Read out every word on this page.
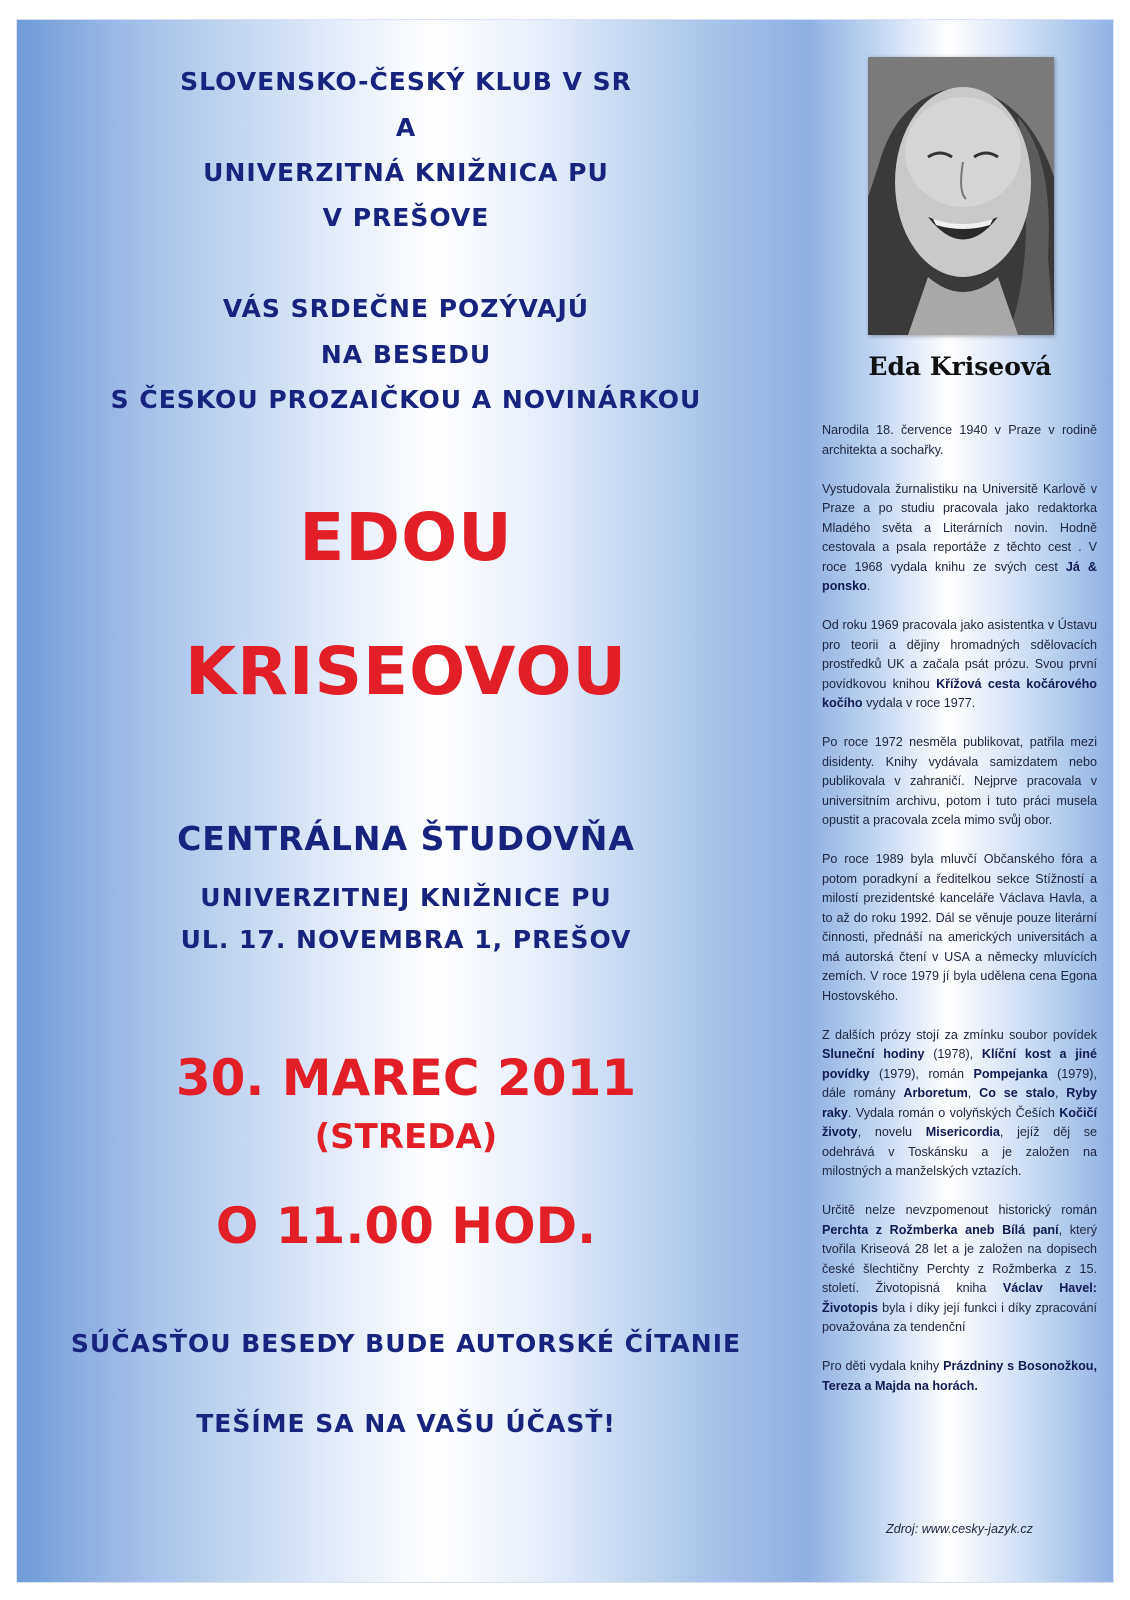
SLOVENSKO-ČESKÝ KLUB V SR
A
UNIVERZITNÁ KNIŽNICA PU
V PREŠOVE
VÁS SRDEČNE POZÝVAJÚ
NA BESEDU
S ČESKOU PROZAIČKOU A NOVINÁRKOU
EDOU
KRISEOVOU
CENTRÁLNA ŠTUDOVŇA
UNIVERZITNEJ KNIŽNICE PU
UL. 17. NOVEMBRA 1, PREŠOV
30. MAREC 2011
(STREDA)
O 11.00 HOD.
SÚČASŤOU BESEDY BUDE AUTORSKÉ ČÍTANIE
TEŠÍME SA NA VAŠU ÚČASŤ!
Eda Kriseová

Narodila 18. července 1940 v Praze v rodině architekta a sochařky.

Vystudovala žurnalistiku na Universitě Karlově v Praze a po studiu pracovala jako redaktorka Mladého světa a Literárních novin. Hodně cestovala a psala reportáže z těchto cest . V roce 1968 vydala knihu ze svých cest Já & ponsko.

Od roku 1969 pracovala jako asistentka v Ústavu pro teorii a dějiny hromadných sdělovacích prostředků UK a začala psát prózu. Svou první povídkovou knihou Křížová cesta kočárového kočího vydala v roce 1977.

Po roce 1972 nesměla publikovat, patřila mezi disidenty. Knihy vydávala samizdatem nebo publikovala v zahraničí. Nejprve pracovala v universitním archivu, potom i tuto práci musela opustit a pracovala zcela mimo svůj obor.

Po roce 1989 byla mluvčí Občanského fóra a potom poradkyní a ředitelkou sekce Stížností a milostí prezidentské kanceláře Václava Havla, a to až do roku 1992. Dál se věnuje pouze literární činnosti, přednáší na amerických universitách a má autorská čtení v USA a německy mluvících zemích. V roce 1979 jí byla udělena cena Egona Hostovského.

Z dalších prózy stojí za zmínku soubor povídek Sluneční hodiny (1978), Klíční kost a jiné povídky (1979), román Pompejanka (1979), dále romány Arboretum, Co se stalo, Ryby raky. Vydala román o volyňských Češích Kočičí životy, novelu Misericordia, jejíž děj se odehrává v Toskánsku a je založen na milostných a manželských vztazích.

Určitě nelze nevzpomenout historický román Perchta z Rožmberka aneb Bílá paní, který tvořila Kriseová 28 let a je založen na dopisech české šlechtičny Perchty z Rožmberka z 15. století. Životopisná kniha Václav Havel: Životopis byla i díky její funkci i díky zpracování považována za tendenční

Pro děti vydala knihy Prázdniny s Bosonožkou, Tereza a Majda na horách.

Zdroj: www.cesky-jazyk.cz
